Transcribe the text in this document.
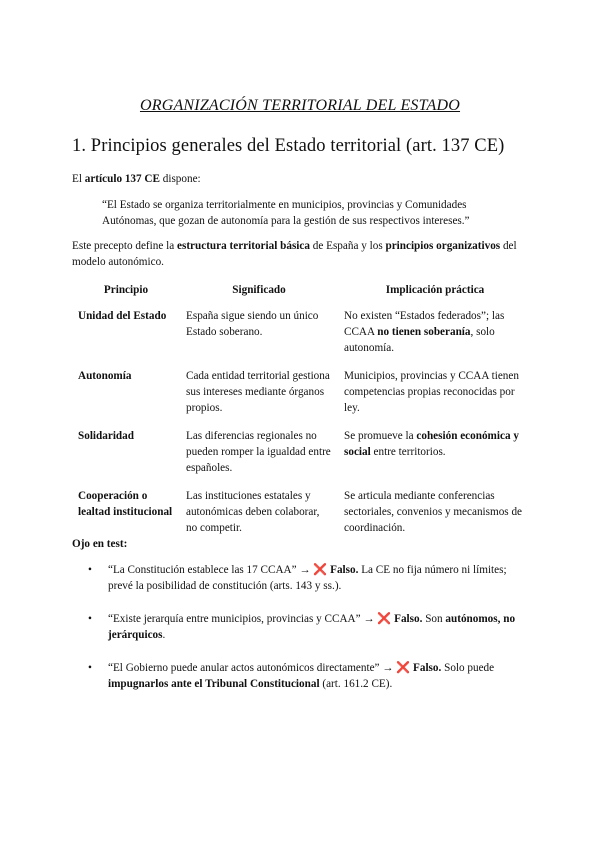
ORGANIZACIÓN TERRITORIAL DEL ESTADO
1. Principios generales del Estado territorial (art. 137 CE)
El artículo 137 CE dispone:
“El Estado se organiza territorialmente en municipios, provincias y Comunidades Autónomas, que gozan de autonomía para la gestión de sus respectivos intereses.”
Este precepto define la estructura territorial básica de España y los principios organizativos del modelo autonómico.
Principio	Significado	Implicación práctica
Unidad del Estado	España sigue siendo un único Estado soberano.	No existen “Estados federados”; las CCAA no tienen soberanía, solo autonomía.
Autonomía	Cada entidad territorial gestiona sus intereses mediante órganos propios.	Municipios, provincias y CCAA tienen competencias propias reconocidas por ley.
Solidaridad	Las diferencias regionales no pueden romper la igualdad entre españoles.	Se promueve la cohesión económica y social entre territorios.
Cooperación o lealtad institucional	Las instituciones estatales y autonómicas deben colaborar, no competir.	Se articula mediante conferencias sectoriales, convenios y mecanismos de coordinación.
Ojo en test:
• “La Constitución establece las 17 CCAA” → ❌ Falso. La CE no fija número ni límites; prevé la posibilidad de constitución (arts. 143 y ss.).
• “Existe jerarquía entre municipios, provincias y CCAA” → ❌ Falso. Son autónomos, no jerárquicos.
• “El Gobierno puede anular actos autonómicos directamente” → ❌ Falso. Solo puede impugnarlos ante el Tribunal Constitucional (art. 161.2 CE).
